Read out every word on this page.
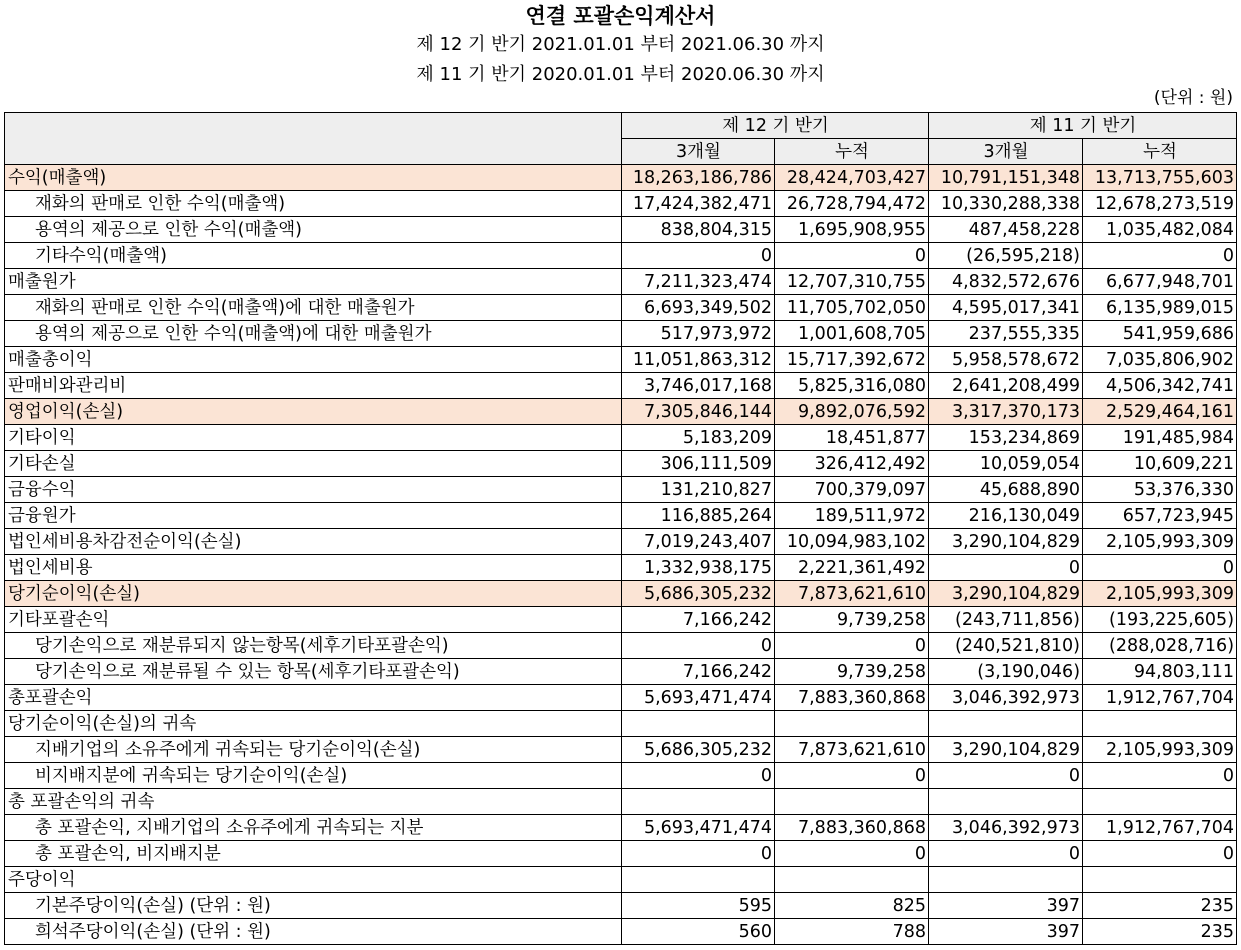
연결 포괄손익계산서
제 12 기 반기 2021.01.01 부터 2021.06.30 까지
제 11 기 반기 2020.01.01 부터 2020.06.30 까지
(단위 : 원)
	제 12 기 반기		제 11 기 반기	
	3개월	누적	3개월	누적
수익(매출액)	18,263,186,786	28,424,703,427	10,791,151,348	13,713,755,603
재화의 판매로 인한 수익(매출액)	17,424,382,471	26,728,794,472	10,330,288,338	12,678,273,519
용역의 제공으로 인한 수익(매출액)	838,804,315	1,695,908,955	487,458,228	1,035,482,084
기타수익(매출액)	0	0	(26,595,218)	0
매출원가	7,211,323,474	12,707,310,755	4,832,572,676	6,677,948,701
재화의 판매로 인한 수익(매출액)에 대한 매출원가	6,693,349,502	11,705,702,050	4,595,017,341	6,135,989,015
용역의 제공으로 인한 수익(매출액)에 대한 매출원가	517,973,972	1,001,608,705	237,555,335	541,959,686
매출총이익	11,051,863,312	15,717,392,672	5,958,578,672	7,035,806,902
판매비와관리비	3,746,017,168	5,825,316,080	2,641,208,499	4,506,342,741
영업이익(손실)	7,305,846,144	9,892,076,592	3,317,370,173	2,529,464,161
기타이익	5,183,209	18,451,877	153,234,869	191,485,984
기타손실	306,111,509	326,412,492	10,059,054	10,609,221
금융수익	131,210,827	700,379,097	45,688,890	53,376,330
금융원가	116,885,264	189,511,972	216,130,049	657,723,945
법인세비용차감전순이익(손실)	7,019,243,407	10,094,983,102	3,290,104,829	2,105,993,309
법인세비용	1,332,938,175	2,221,361,492	0	0
당기순이익(손실)	5,686,305,232	7,873,621,610	3,290,104,829	2,105,993,309
기타포괄손익	7,166,242	9,739,258	(243,711,856)	(193,225,605)
당기손익으로 재분류되지 않는항목(세후기타포괄손익)	0	0	(240,521,810)	(288,028,716)
당기손익으로 재분류될 수 있는 항목(세후기타포괄손익)	7,166,242	9,739,258	(3,190,046)	94,803,111
총포괄손익	5,693,471,474	7,883,360,868	3,046,392,973	1,912,767,704
당기순이익(손실)의 귀속				
지배기업의 소유주에게 귀속되는 당기순이익(손실)	5,686,305,232	7,873,621,610	3,290,104,829	2,105,993,309
비지배지분에 귀속되는 당기순이익(손실)	0	0	0	0
총 포괄손익의 귀속				
총 포괄손익, 지배기업의 소유주에게 귀속되는 지분	5,693,471,474	7,883,360,868	3,046,392,973	1,912,767,704
총 포괄손익, 비지배지분	0	0	0	0
주당이익				
기본주당이익(손실) (단위 : 원)	595	825	397	235
희석주당이익(손실) (단위 : 원)	560	788	397	235
